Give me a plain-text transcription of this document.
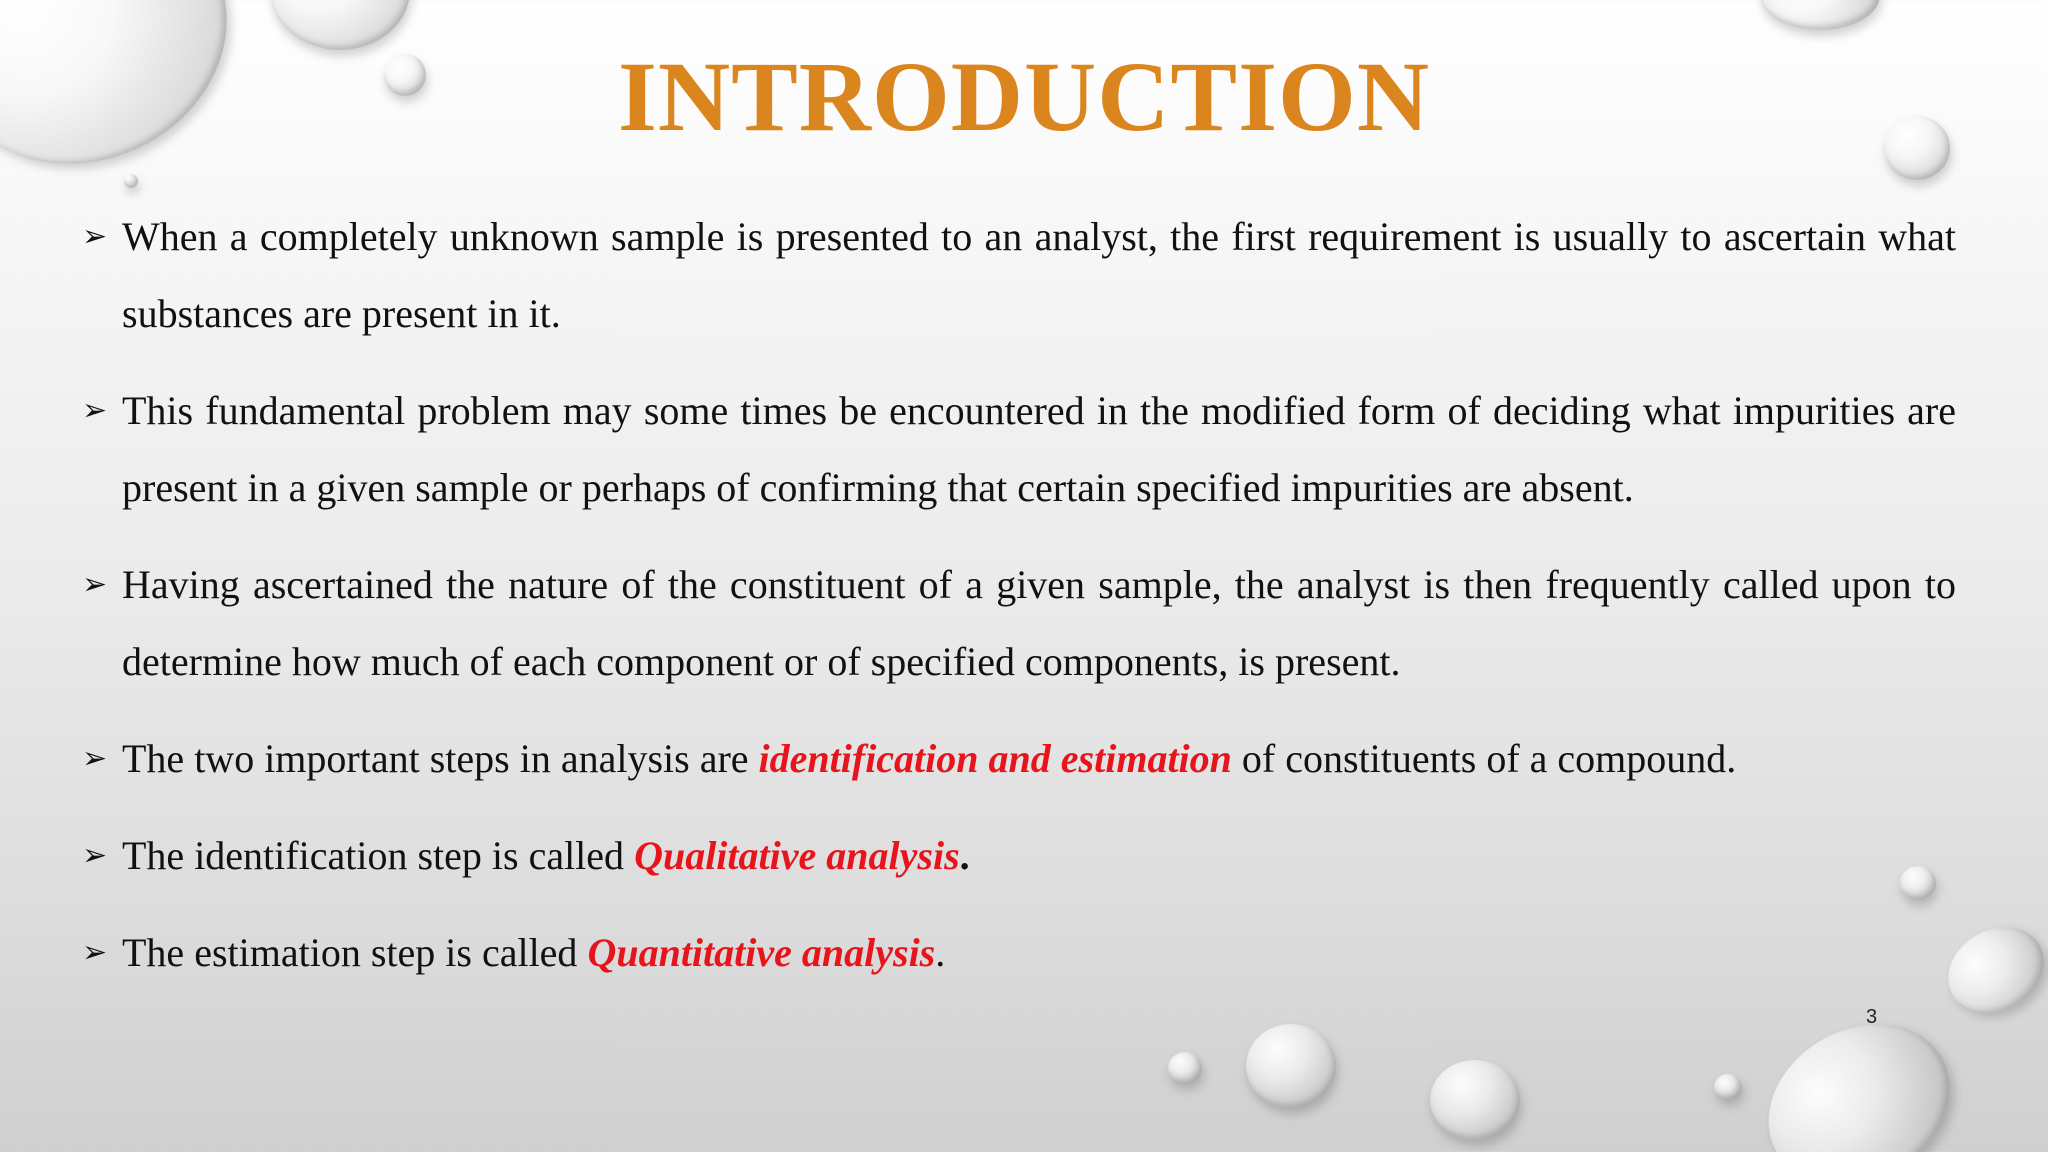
INTRODUCTION
➢ When a completely unknown sample is presented to an analyst, the first requirement is usually to ascertain what substances are present in it.
➢ This fundamental problem may some times be encountered in the modified form of deciding what impurities are present in a given sample or perhaps of confirming that certain specified impurities are absent.
➢ Having ascertained the nature of the constituent of a given sample, the analyst is then frequently called upon to determine how much of each component or of specified components, is present.
➢ The two important steps in analysis are identification and estimation of constituents of a compound.
➢ The identification step is called Qualitative analysis.
➢ The estimation step is called Quantitative analysis.
3
